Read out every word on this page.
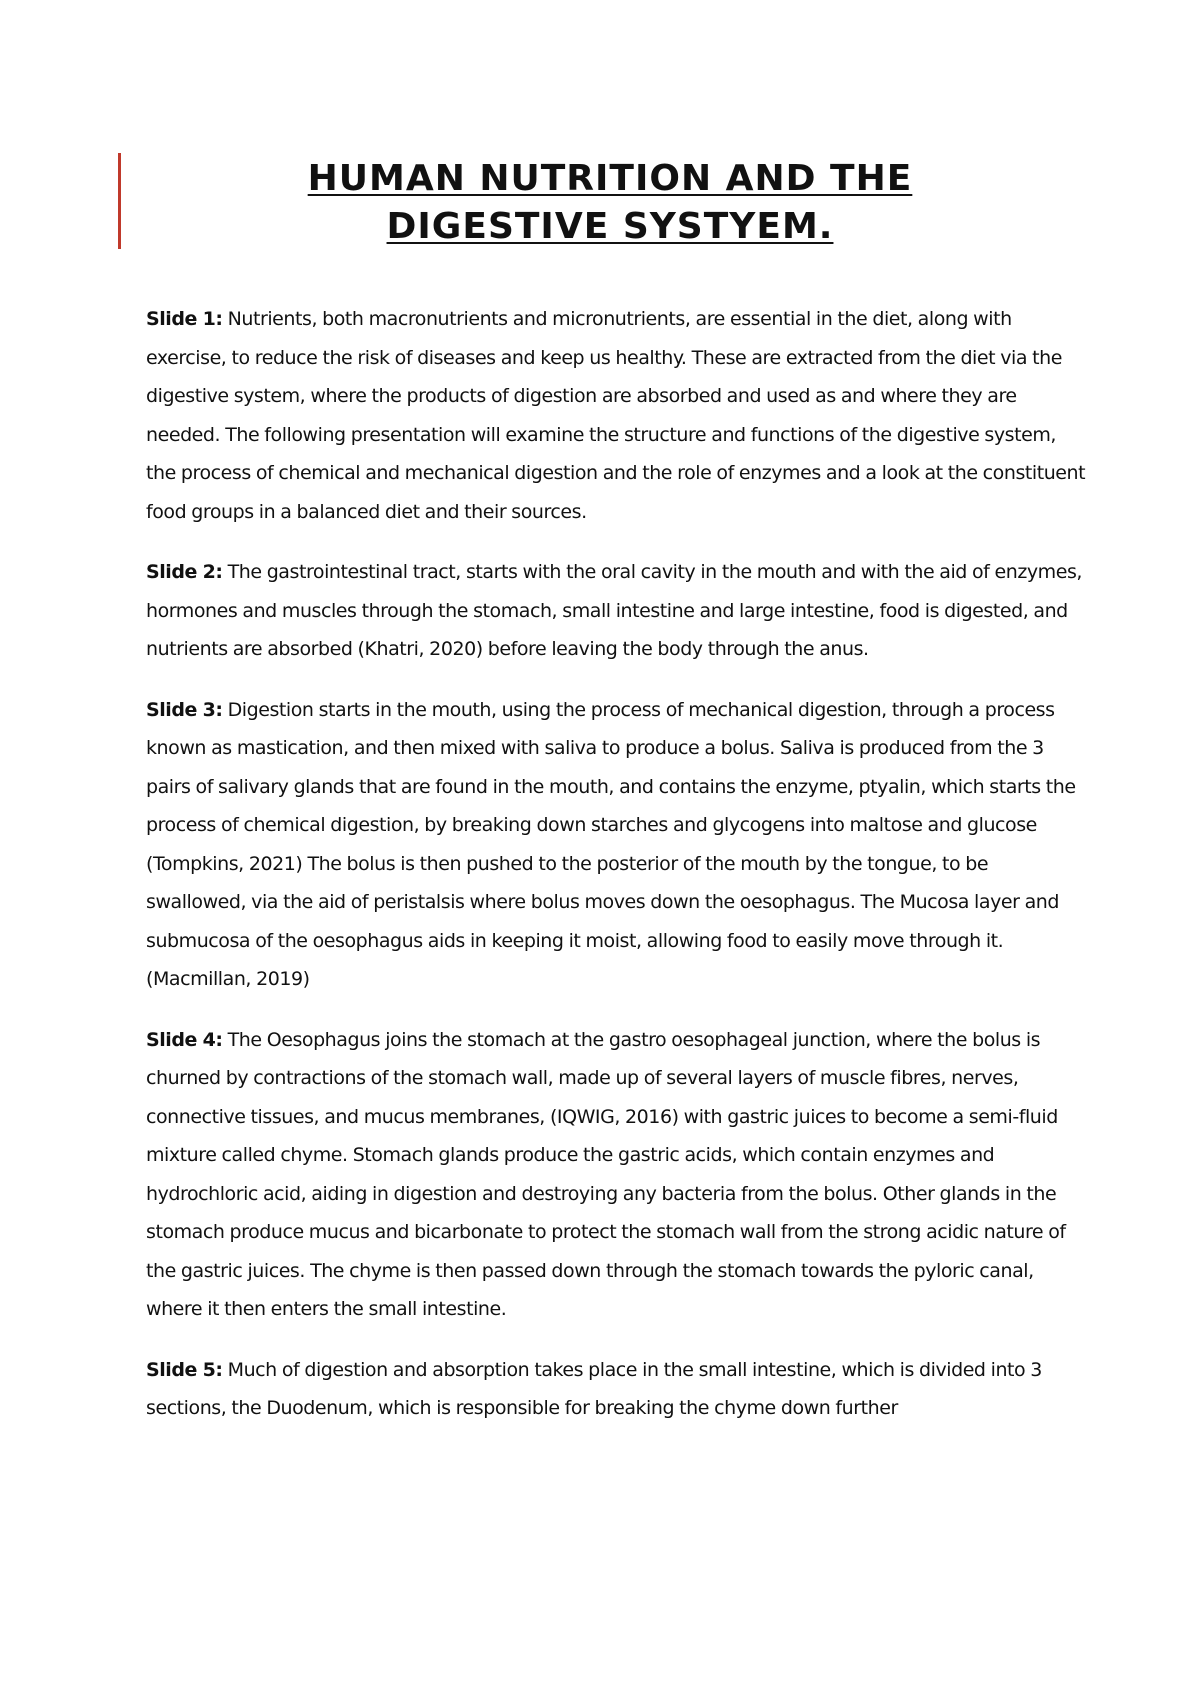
HUMAN NUTRITION AND THE DIGESTIVE SYSTYEM.

Slide 1: Nutrients, both macronutrients and micronutrients, are essential in the diet, along with exercise, to reduce the risk of diseases and keep us healthy. These are extracted from the diet via the digestive system, where the products of digestion are absorbed and used as and where they are needed. The following presentation will examine the structure and functions of the digestive system, the process of chemical and mechanical digestion and the role of enzymes and a look at the constituent food groups in a balanced diet and their sources.

Slide 2: The gastrointestinal tract, starts with the oral cavity in the mouth and with the aid of enzymes, hormones and muscles through the stomach, small intestine and large intestine, food is digested, and nutrients are absorbed (Khatri, 2020) before leaving the body through the anus.

Slide 3: Digestion starts in the mouth, using the process of mechanical digestion, through a process known as mastication, and then mixed with saliva to produce a bolus. Saliva is produced from the 3 pairs of salivary glands that are found in the mouth, and contains the enzyme, ptyalin, which starts the process of chemical digestion, by breaking down starches and glycogens into maltose and glucose (Tompkins, 2021) The bolus is then pushed to the posterior of the mouth by the tongue, to be swallowed, via the aid of peristalsis where bolus moves down the oesophagus. The Mucosa layer and submucosa of the oesophagus aids in keeping it moist, allowing food to easily move through it. (Macmillan, 2019)

Slide 4: The Oesophagus joins the stomach at the gastro oesophageal junction, where the bolus is churned by contractions of the stomach wall, made up of several layers of muscle fibres, nerves, connective tissues, and mucus membranes, (IQWIG, 2016) with gastric juices to become a semi-fluid mixture called chyme. Stomach glands produce the gastric acids, which contain enzymes and hydrochloric acid, aiding in digestion and destroying any bacteria from the bolus. Other glands in the stomach produce mucus and bicarbonate to protect the stomach wall from the strong acidic nature of the gastric juices. The chyme is then passed down through the stomach towards the pyloric canal, where it then enters the small intestine.

Slide 5: Much of digestion and absorption takes place in the small intestine, which is divided into 3 sections, the Duodenum, which is responsible for breaking the chyme down further
